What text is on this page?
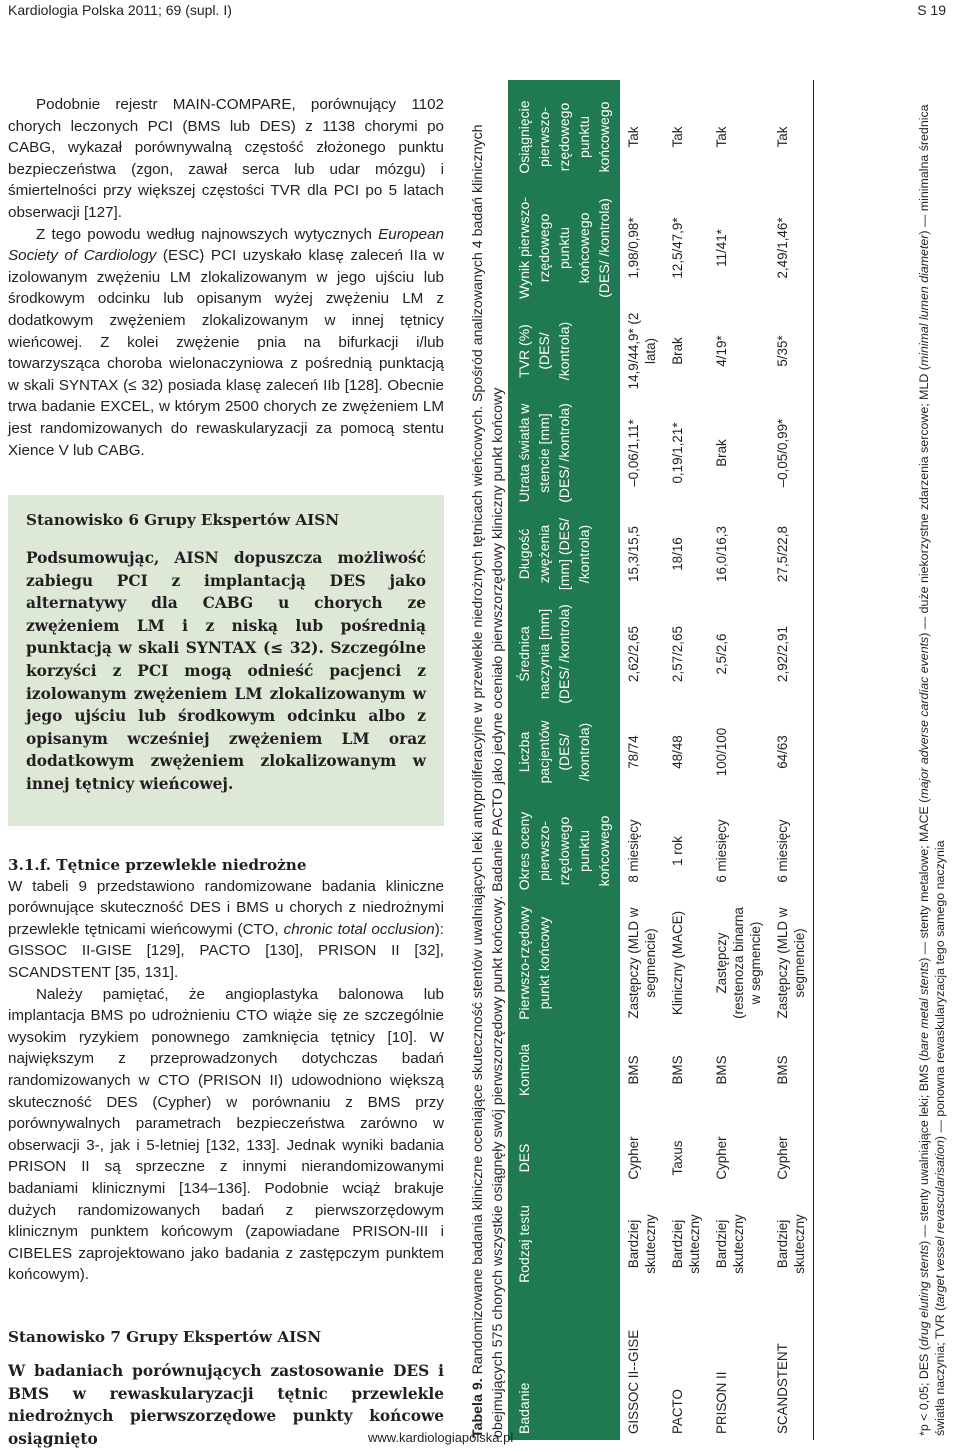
Kardiologia Polska 2011; 69 (supl. I)	S 19

Podobnie rejestr MAIN-COMPARE, porównujący 1102 chorych leczonych PCI (BMS lub DES) z 1138 chorymi po CABG, wykazał porównywalną częstość złożonego punktu bezpieczeństwa (zgon, zawał serca lub udar mózgu) i śmiertelności przy większej częstości TVR dla PCI po 5 latach obserwacji [127].

Z tego powodu według najnowszych wytycznych European Society of Cardiology (ESC) PCI uzyskało klasę zaleceń IIa w izolowanym zwężeniu LM zlokalizowanym w jego ujściu lub środkowym odcinku lub opisanym wyżej zwężeniu LM z dodatkowym zwężeniem zlokalizowanym w innej tętnicy wieńcowej. Z kolei zwężenie pnia na bifurkacji i/lub towarzysząca choroba wielonaczyniowa z pośrednią punktacją w skali SYNTAX (≤ 32) posiada klasę zaleceń IIb [128]. Obecnie trwa badanie EXCEL, w którym 2500 chorych ze zwężeniem LM jest randomizowanych do rewaskularyzacji za pomocą stentu Xience V lub CABG.

Stanowisko 6 Grupy Ekspertów AISN
Podsumowując, AISN dopuszcza możliwość zabiegu PCI z implantacją DES jako alternatywy dla CABG u chorych ze zwężeniem LM i z niską lub pośrednią punktacją w skali SYNTAX (≤ 32). Szczególne korzyści z PCI mogą odnieść pacjenci z izolowanym zwężeniem LM zlokalizowanym w jego ujściu lub środkowym odcinku albo z opisanym wcześniej zwężeniem LM oraz dodatkowym zwężeniem zlokalizowanym w innej tętnicy wieńcowej.
3.1.f. Tętnice przewlekle niedrożne

W tabeli 9 przedstawiono randomizowane badania kliniczne porównujące skuteczność DES i BMS u chorych z niedrożnymi przewlekle tętnicami wieńcowymi (CTO, chronic total occlusion): GISSOC II-GISE [129], PACTO [130], PRISON II [32], SCANDSTENT [35, 131].

Należy pamiętać, że angioplastyka balonowa lub implantacja BMS po udrożnieniu CTO wiąże się ze szczególnie wysokim ryzykiem ponownego zamknięcia tętnicy [10]. W największym z przeprowadzonych dotychczas badań randomizowanych w CTO (PRISON II) udowodniono większą skuteczność DES (Cypher) w porównaniu z BMS przy porównywalnych parametrach bezpieczeństwa zarówno w obserwacji 3-, jak i 5-letniej [132, 133]. Jednak wyniki badania PRISON II są sprzeczne z innymi nierandomizowanymi badaniami klinicznymi [134–136]. Podobnie wciąż brakuje dużych randomizowanych badań z pierwszorzędowym klinicznym punktem końcowym (zapowiadane PRISON-III i CIBELES zaprojektowano jako badania z zastępczym punktem końcowym).

Stanowisko 7 Grupy Ekspertów AISN
W badaniach porównujących zastosowanie DES i BMS w rewaskularyzacji tętnic przewlekle niedrożnych pierwszorzędowe punkty końcowe osiągnięto
Tabela 9. Randomizowane badania kliniczne oceniające skuteczność stentów uwalniających leki antyproliferacyjne w przewlekle niedrożnych tętnicach wieńcowych. Spośród analizowanych 4 badań klinicznych obejmujących 575 chorych wszystkie osiągnęły swój pierwszorzędowy punkt końcowy. Badanie PACTO jako jedyne oceniało pierwszorzędowy kliniczny punkt końcowy Badanie	Rodzaj testu	DES	Kontrola	Pierwszo-rzędowy punkt końcowy	Okres oceny pierwszo-rzędowego punktu końcowego	Liczba pacjentów (DES/ /kontrola)	Średnica naczynia [mm] (DES/ /kontrola)	Długość zwężenia [mm] (DES/ /kontrola)	Utrata światła w stencie [mm] (DES/ /kontrola)	TVR (%) (DES/ /kontrola)	Wynik pierwszo-rzędowego punktu końcowego (DES/ /kontrola)	Osiągnięcie pierwszo-rzędowego punktu końcowego
GISSOC II--GISE	Bardziej skuteczny	Cypher	BMS	Zastępczy (MLD w segmencie)	8 miesięcy	78/74	2,62/2,65	15,3/15,5	–0,06/1,11*	14,9/44,9* (2 lata)	1,98/0,98*	Tak
PACTO	Bardziej skuteczny	Taxus	BMS	Kliniczny (MACE)	1 rok	48/48	2,57/2,65	18/16	0,19/1,21*	Brak	12,5/47,9*	Tak
PRISON II	Bardziej skuteczny	Cypher	BMS	Zastępczy (restenoza binarna w segmencie)	6 miesięcy	100/100	2,5/2,6	16,0/16,3	Brak	4/19*	11/41*	Tak
SCANDSTENT	Bardziej skuteczny	Cypher	BMS	Zastępczy (MLD w segmencie)	6 miesięcy	64/63	2,92/2,91	27,5/22,8	–0,05/0,99*	5/35*	2,49/1,46*	Tak
*p < 0,05; DES (drug eluting stents) — stenty uwalniające leki; BMS (bare metal stents) — stenty metalowe; MACE (major adverse cardiac events) — duże niekorzystne zdarzenia sercowe; MLD (minimal lumen diameter) — minimalna średnica światła naczynia; TVR (target vessel revascularisation) — ponowna rewaskularyzacja tego samego naczynia
www.kardiologiapolska.pl
